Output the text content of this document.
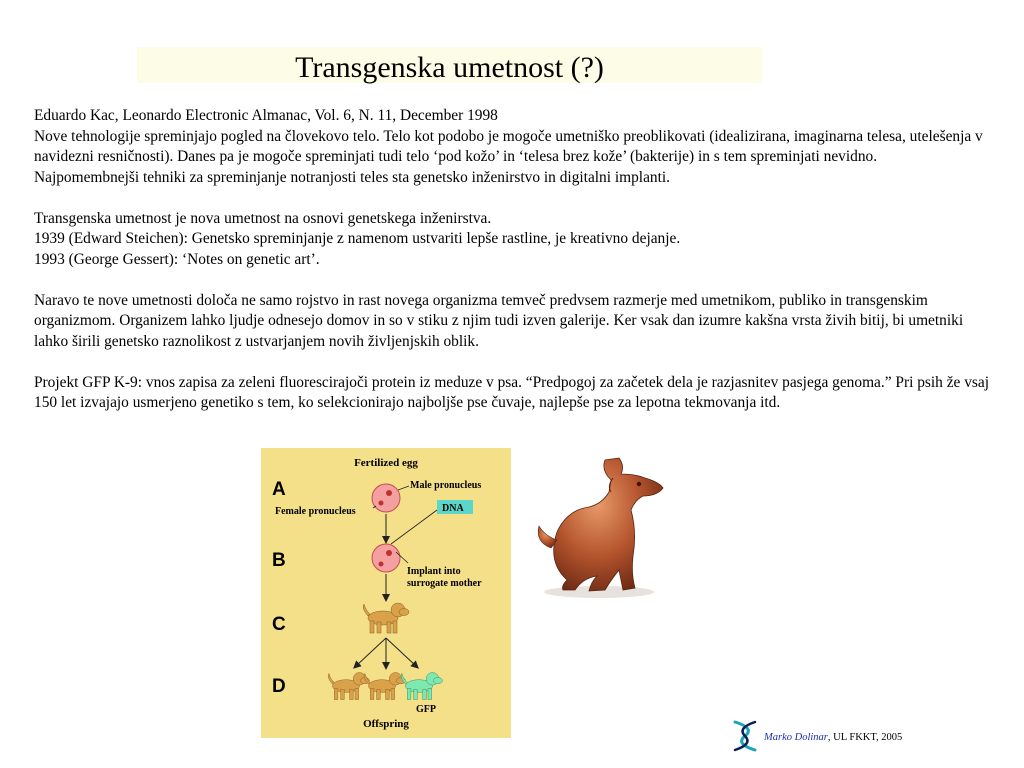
Transgenska umetnost (?)

Eduardo Kac, Leonardo Electronic Almanac, Vol. 6, N. 11, December 1998

Nove tehnologije spreminjajo pogled na človekovo telo. Telo kot podobo je mogoče umetniško preoblikovati (idealizirana, imaginarna telesa, utelešenja v navidezni resničnosti). Danes pa je mogoče spreminjati tudi telo ‘pod kožo’ in ‘telesa brez kože’ (bakterije) in s tem spreminjati nevidno.

Najpomembnejši tehniki za spreminjanje notranjosti teles sta genetsko inženirstvo in digitalni implanti.

Transgenska umetnost je nova umetnost na osnovi genetskega inženirstva.

1939 (Edward Steichen): Genetsko spreminjanje z namenom ustvariti lepše rastline, je kreativno dejanje.

1993 (George Gessert): ‘Notes on genetic art’.

Naravo te nove umetnosti določa ne samo rojstvo in rast novega organizma temveč predvsem razmerje med umetnikom, publiko in transgenskim organizmom. Organizem lahko ljudje odnesejo domov in so v stiku z njim tudi izven galerije. Ker vsak dan izumre kakšna vrsta živih bitij, bi umetniki lahko širili genetsko raznolikost z ustvarjanjem novih življenjskih oblik.

Projekt GFP K-9: vnos zapisa za zeleni fluorescirajoči protein iz meduze v psa. “Predpogoj za začetek dela je razjasnitev pasjega genoma.” Pri psih že vsaj 150 let izvajajo usmerjeno genetiko s tem, ko selekcionirajo najboljše pse čuvaje, najlepše pse za lepotna tekmovanja itd.

Fertilized egg
A
B
C
D
Male pronucleus
Female pronucleus	DNA
Implant into
surrogate mother
GFP
Offspring
Marko Dolinar, UL FKKT, 2005
